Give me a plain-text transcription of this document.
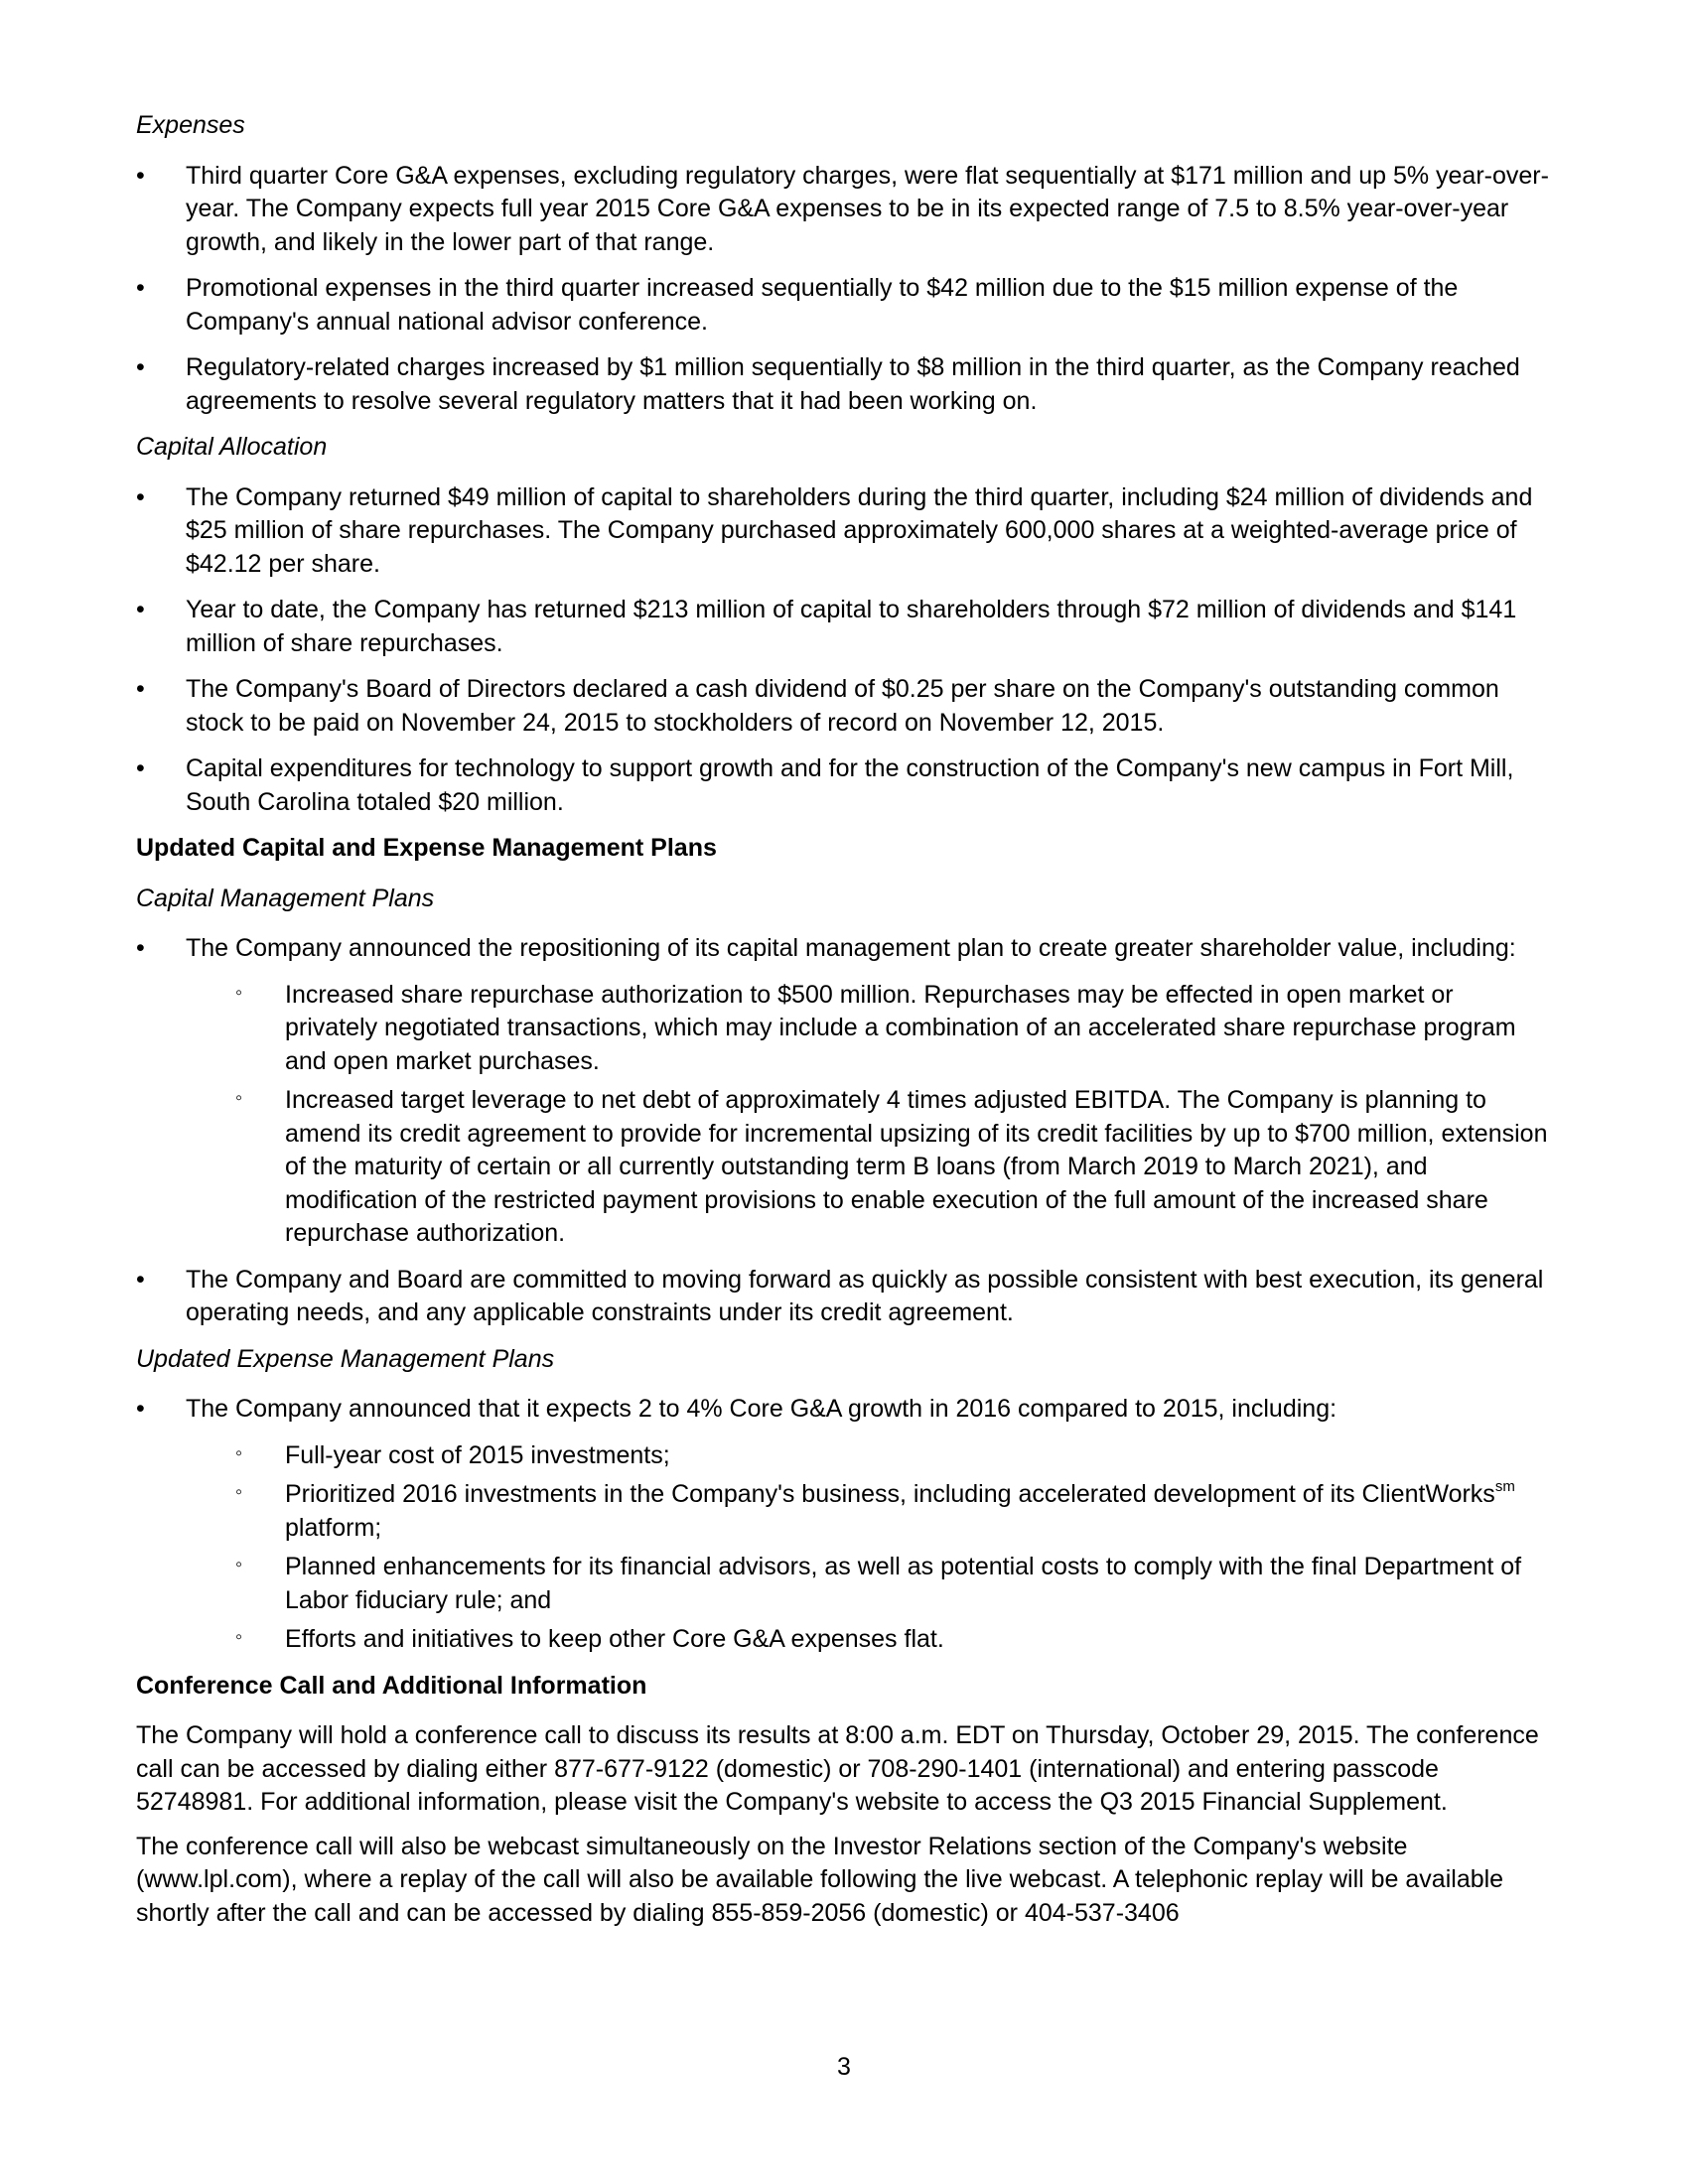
Expenses
• Third quarter Core G&A expenses, excluding regulatory charges, were flat sequentially at $171 million and up 5% year-over-year. The Company expects full year 2015 Core G&A expenses to be in its expected range of 7.5 to 8.5% year-over-year growth, and likely in the lower part of that range.
• Promotional expenses in the third quarter increased sequentially to $42 million due to the $15 million expense of the Company's annual national advisor conference.
• Regulatory-related charges increased by $1 million sequentially to $8 million in the third quarter, as the Company reached agreements to resolve several regulatory matters that it had been working on.
Capital Allocation
• The Company returned $49 million of capital to shareholders during the third quarter, including $24 million of dividends and $25 million of share repurchases. The Company purchased approximately 600,000 shares at a weighted-average price of $42.12 per share.
• Year to date, the Company has returned $213 million of capital to shareholders through $72 million of dividends and $141 million of share repurchases.
• The Company's Board of Directors declared a cash dividend of $0.25 per share on the Company's outstanding common stock to be paid on November 24, 2015 to stockholders of record on November 12, 2015.
• Capital expenditures for technology to support growth and for the construction of the Company's new campus in Fort Mill, South Carolina totaled $20 million.
Updated Capital and Expense Management Plans
Capital Management Plans
• The Company announced the repositioning of its capital management plan to create greater shareholder value, including:
◦ Increased share repurchase authorization to $500 million. Repurchases may be effected in open market or privately negotiated transactions, which may include a combination of an accelerated share repurchase program and open market purchases.
◦ Increased target leverage to net debt of approximately 4 times adjusted EBITDA. The Company is planning to amend its credit agreement to provide for incremental upsizing of its credit facilities by up to $700 million, extension of the maturity of certain or all currently outstanding term B loans (from March 2019 to March 2021), and modification of the restricted payment provisions to enable execution of the full amount of the increased share repurchase authorization.
• The Company and Board are committed to moving forward as quickly as possible consistent with best execution, its general operating needs, and any applicable constraints under its credit agreement.
Updated Expense Management Plans
• The Company announced that it expects 2 to 4% Core G&A growth in 2016 compared to 2015, including:
◦ Full-year cost of 2015 investments;
◦ Prioritized 2016 investments in the Company's business, including accelerated development of its ClientWorks$^{sm}$ platform;
◦ Planned enhancements for its financial advisors, as well as potential costs to comply with the final Department of Labor fiduciary rule; and
◦ Efforts and initiatives to keep other Core G&A expenses flat.
Conference Call and Additional Information

The Company will hold a conference call to discuss its results at 8:00 a.m. EDT on Thursday, October 29, 2015. The conference call can be accessed by dialing either 877-677-9122 (domestic) or 708-290-1401 (international) and entering passcode 52748981. For additional information, please visit the Company's website to access the Q3 2015 Financial Supplement.

The conference call will also be webcast simultaneously on the Investor Relations section of the Company's website (www.lpl.com), where a replay of the call will also be available following the live webcast. A telephonic replay will be available shortly after the call and can be accessed by dialing 855-859-2056 (domestic) or 404-537-3406

3
